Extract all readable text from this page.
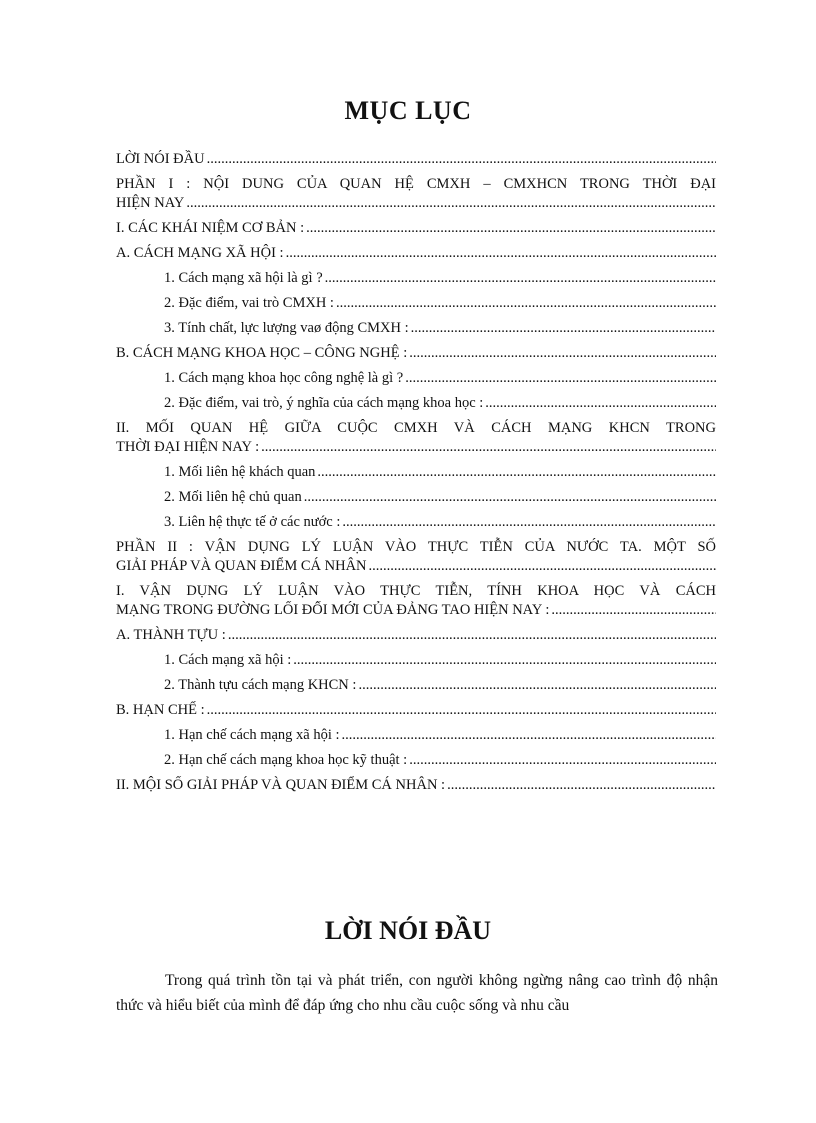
MỤC LỤC
LỜI NÓI ĐẦU
.....
PHẦN I : NỘI DUNG CỦA QUAN HỆ CMXH – CMXHCN TRONG THỜI ĐẠI
HIỆN NAY
.....
I. CÁC KHÁI NIỆM CƠ BẢN :
.....
A. CÁCH MẠNG XÃ HỘI :
.....
1. Cách mạng xã hội là gì ?
.....
2. Đặc điểm, vai trò CMXH :
.....
3. Tính chất, lực lượng vaø động CMXH :
.....
B. CÁCH MẠNG KHOA HỌC – CÔNG NGHỆ :
.....
1. Cách mạng khoa học công nghệ là gì ?
.....
2. Đặc điểm, vai trò, ý nghĩa của cách mạng khoa học :
.....
II. MỐI QUAN HỆ GIỮA CUỘC CMXH VÀ CÁCH MẠNG KHCN TRONG
THỜI ĐẠI HIỆN NAY :
.....
1. Mối liên hệ khách quan
.....
2. Mối liên hệ chủ quan
.....
3. Liên hệ thực tế ở các nước :
.....
PHẦN II : VẬN DỤNG LÝ LUẬN VÀO THỰC TIỄN CỦA NƯỚC TA. MỘT SỐ
GIẢI PHÁP VÀ QUAN ĐIỂM CÁ NHÂN
.....
I. VẬN DỤNG LÝ LUẬN VÀO THỰC TIỄN, TÍNH KHOA HỌC VÀ CÁCH
MẠNG TRONG ĐƯỜNG LỐI ĐỔI MỚI CỦA ĐẢNG TAO HIỆN NAY :
.....
A. THÀNH TỰU :
.....
1. Cách mạng xã hội :
.....
2. Thành tựu cách mạng KHCN :
.....
B. HẠN CHẾ :
.....
1. Hạn chế cách mạng xã hội :
.....
2. Hạn chế cách mạng khoa học kỹ thuật :
.....
II. MỘI SỐ GIẢI PHÁP VÀ QUAN ĐIỂM CÁ NHÂN :
.....
LỜI NÓI ĐẦU
Trong quá trình tồn tại và phát triển, con người không ngừng nâng cao trình độ nhận thức và hiểu biết của mình để đáp ứng cho nhu cầu cuộc sống và nhu cầu
